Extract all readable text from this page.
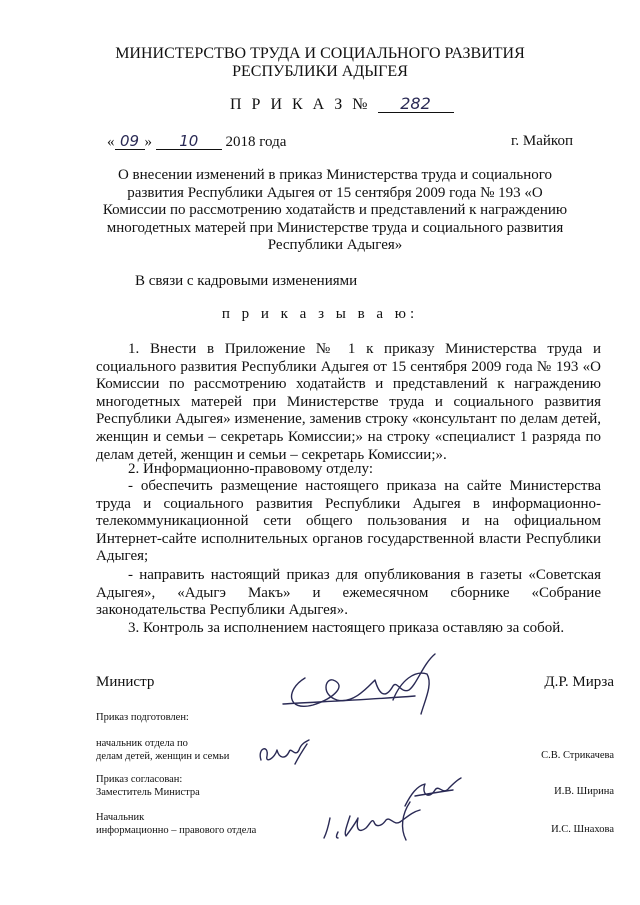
МИНИСТЕРСТВО ТРУДА И СОЦИАЛЬНОГО РАЗВИТИЯ
РЕСПУБЛИКИ АДЫГЕЯ
П Р И К А З № 282
« 09 » 10 2018 года	г. Майкоп
О внесении изменений в приказ Министерства труда и социального развития Республики Адыгея от 15 сентября 2009 года № 193 «О Комиссии по рассмотрению ходатайств и представлений к награждению многодетных матерей при Министерстве труда и социального развития Республики Адыгея»
В связи с кадровыми изменениями
п р и к а з ы в а ю:
1. Внести в Приложение № 1 к приказу Министерства труда и социального развития Республики Адыгея от 15 сентября 2009 года № 193 «О Комиссии по рассмотрению ходатайств и представлений к награждению многодетных матерей при Министерстве труда и социального развития Республики Адыгея» изменение, заменив строку «консультант по делам детей, женщин и семьи – секретарь Комиссии;» на строку «специалист 1 разряда по делам детей, женщин и семьи – секретарь Комиссии;».
2. Информационно-правовому отделу:
- обеспечить размещение настоящего приказа на сайте Министерства труда и социального развития Республики Адыгея в информационно-телекоммуникационной сети общего пользования и на официальном Интернет-сайте исполнительных органов государственной власти Республики Адыгея;
- направить настоящий приказ для опубликования в газеты «Советская Адыгея», «Адыгэ Макъ» и ежемесячном сборнике «Собрание законодательства Республики Адыгея».
3. Контроль за исполнением настоящего приказа оставляю за собой.
Министр	Д.Р. Мирза
Приказ подготовлен:
начальник отдела по
делам детей, женщин и семьи	С.В. Стрикачева
Приказ согласован:
Заместитель Министра	И.В. Ширина
Начальник
информационно – правового отдела	И.С. Шнахова
